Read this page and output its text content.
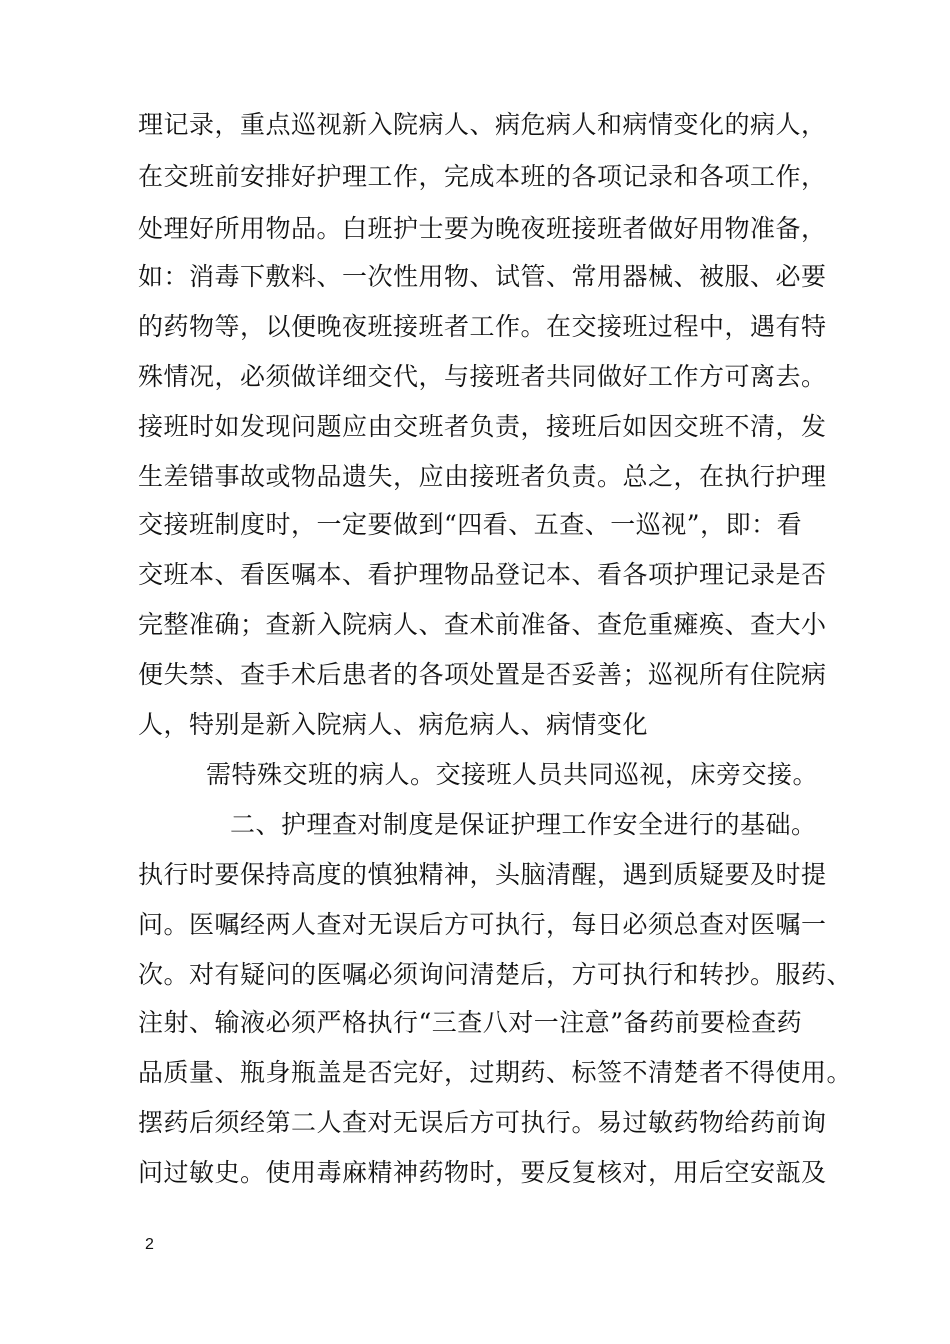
理记录，重点巡视新入院病人、病危病人和病情变化的病人，
在交班前安排好护理工作，完成本班的各项记录和各项工作，
处理好所用物品。白班护士要为晚夜班接班者做好用物准备，
如：消毒下敷料、一次性用物、试管、常用器械、被服、必要
的药物等，以便晚夜班接班者工作。在交接班过程中，遇有特
殊情况，必须做详细交代，与接班者共同做好工作方可离去。
接班时如发现问题应由交班者负责，接班后如因交班不清，发
生差错事故或物品遗失，应由接班者负责。总之，在执行护理
交接班制度时，一定要做到“四看、五查、一巡视”，即：看
交班本、看医嘱本、看护理物品登记本、看各项护理记录是否
完整准确；查新入院病人、查术前准备、查危重瘫痪、查大小
便失禁、查手术后患者的各项处置是否妥善；巡视所有住院病
人，特别是新入院病人、病危病人、病情变化
需特殊交班的病人。交接班人员共同巡视，床旁交接。
二、护理查对制度是保证护理工作安全进行的基础。
执行时要保持高度的慎独精神，头脑清醒，遇到质疑要及时提
问。医嘱经两人查对无误后方可执行，每日必须总查对医嘱一
次。对有疑问的医嘱必须询问清楚后，方可执行和转抄。服药、
注射、输液必须严格执行“三查八对一注意”备药前要检查药
品质量、瓶身瓶盖是否完好，过期药、标签不清楚者不得使用。
摆药后须经第二人查对无误后方可执行。易过敏药物给药前询
问过敏史。使用毒麻精神药物时，要反复核对，用后空安瓿及
2
